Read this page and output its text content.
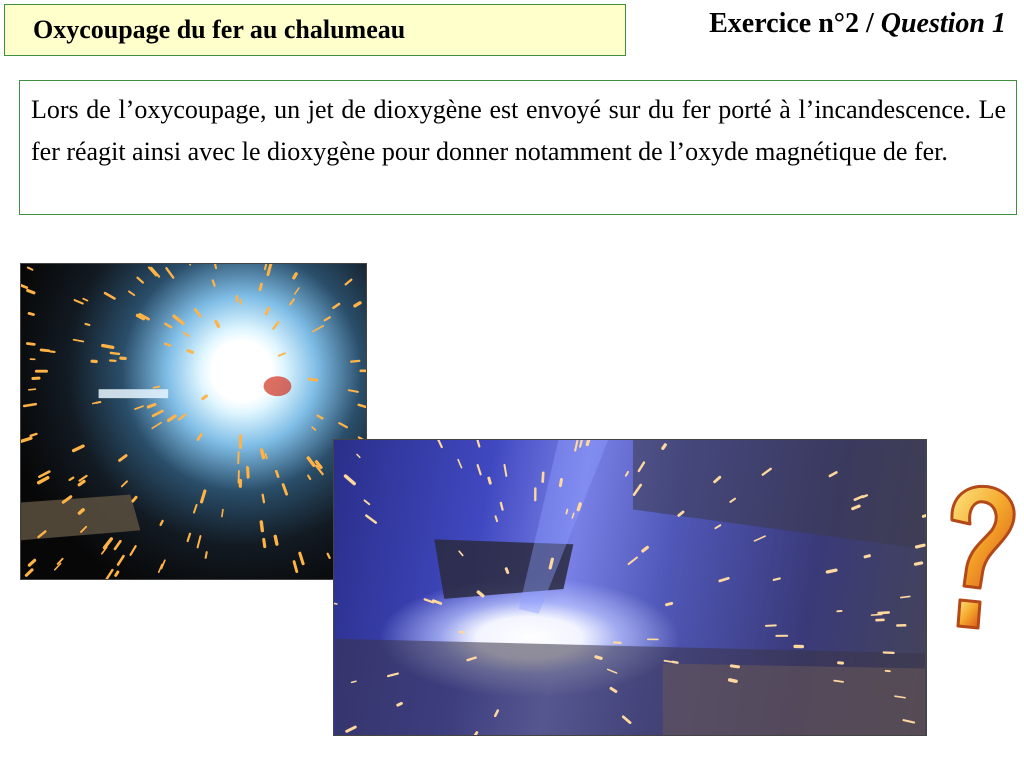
Oxycoupage du fer au chalumeau	Exercice n°2 / Question 1
Lors de l’oxycoupage, un jet de dioxygène est envoyé sur du fer porté à l’incandescence. Le fer réagit ainsi avec le dioxygène pour donner notamment de l’oxyde magnétique de fer.
